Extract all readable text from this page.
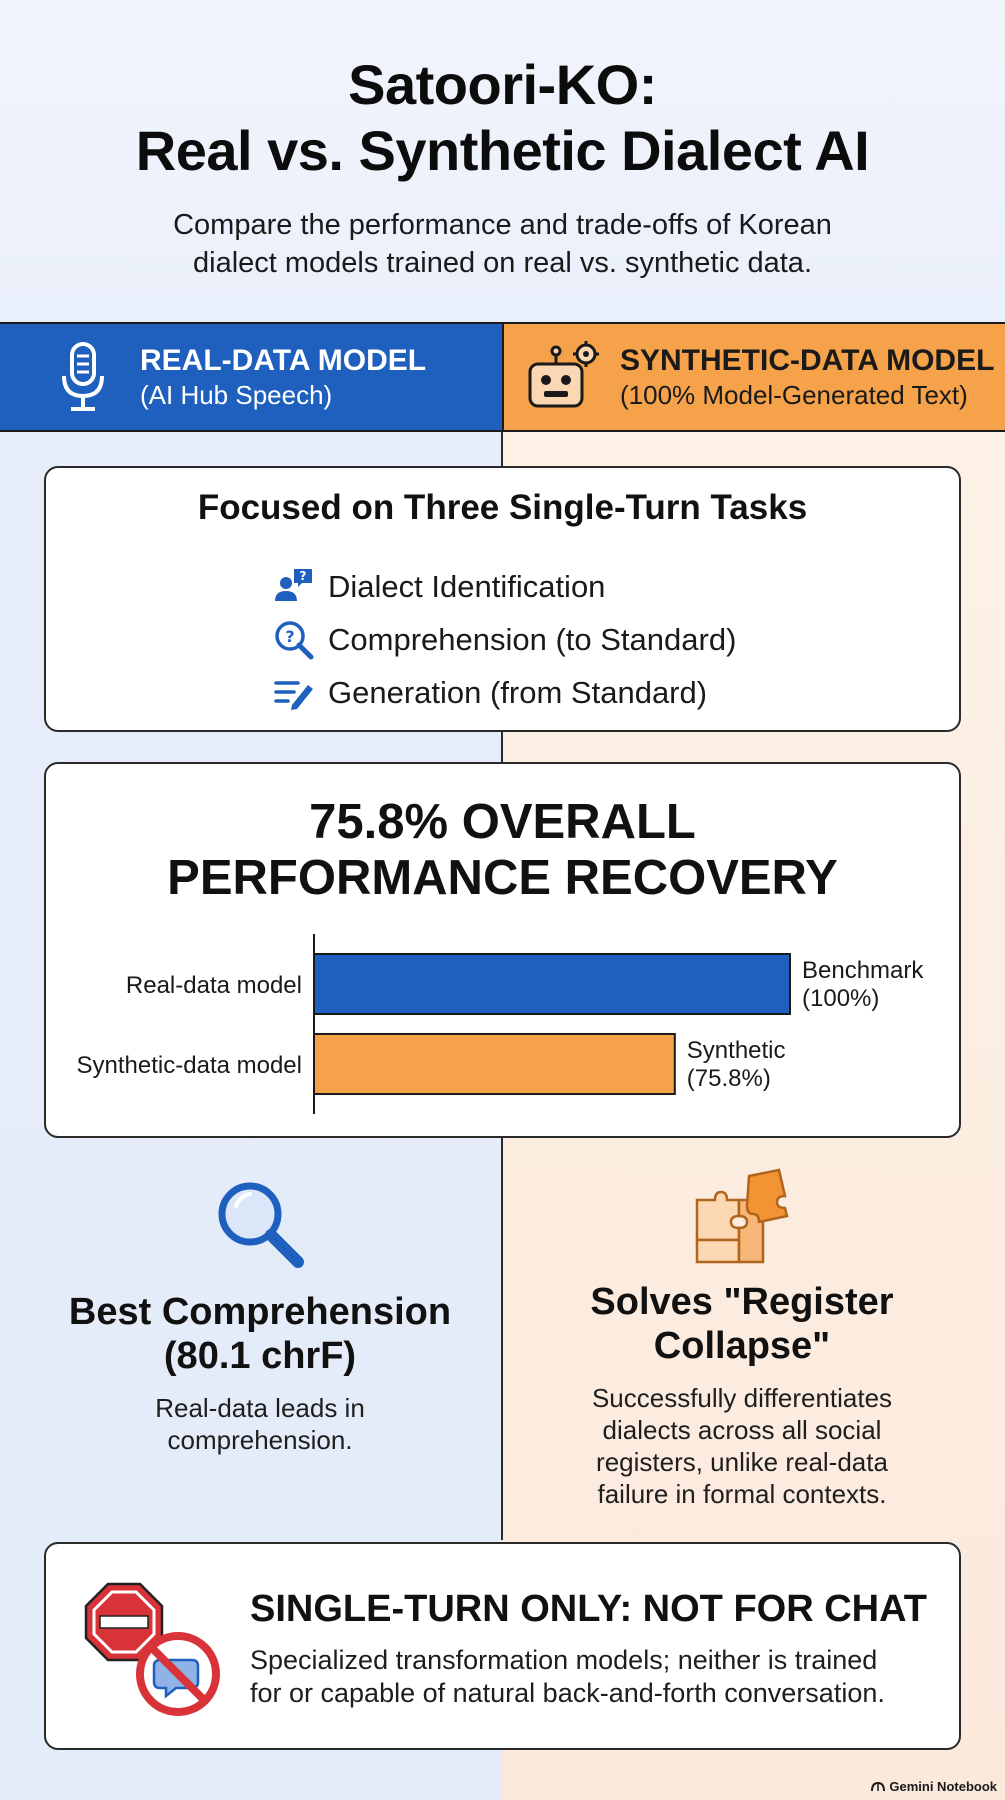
Satoori-KO:
Real vs. Synthetic Dialect AI

Compare the performance and trade-offs of Korean
dialect models trained on real vs. synthetic data.

REAL-DATA MODEL
(AI Hub Speech)
SYNTHETIC-DATA MODEL
(100% Model-Generated Text)
Focused on Three Single-Turn Tasks
? Dialect Identification
? Comprehension (to Standard)
Generation (from Standard)
75.8% OVERALL
PERFORMANCE RECOVERY
Real-data model
Benchmark (100%)
Synthetic-data model
Synthetic (75.8%)
Best Comprehension
(80.1 chrF)
Real-data leads in
comprehension.
Solves "Register
Collapse"
Successfully differentiates
dialects across all social
registers, unlike real-data
failure in formal contexts.
SINGLE-TURN ONLY: NOT FOR CHAT
Specialized transformation models; neither is trained
for or capable of natural back-and-forth conversation.
Gemini Notebook
